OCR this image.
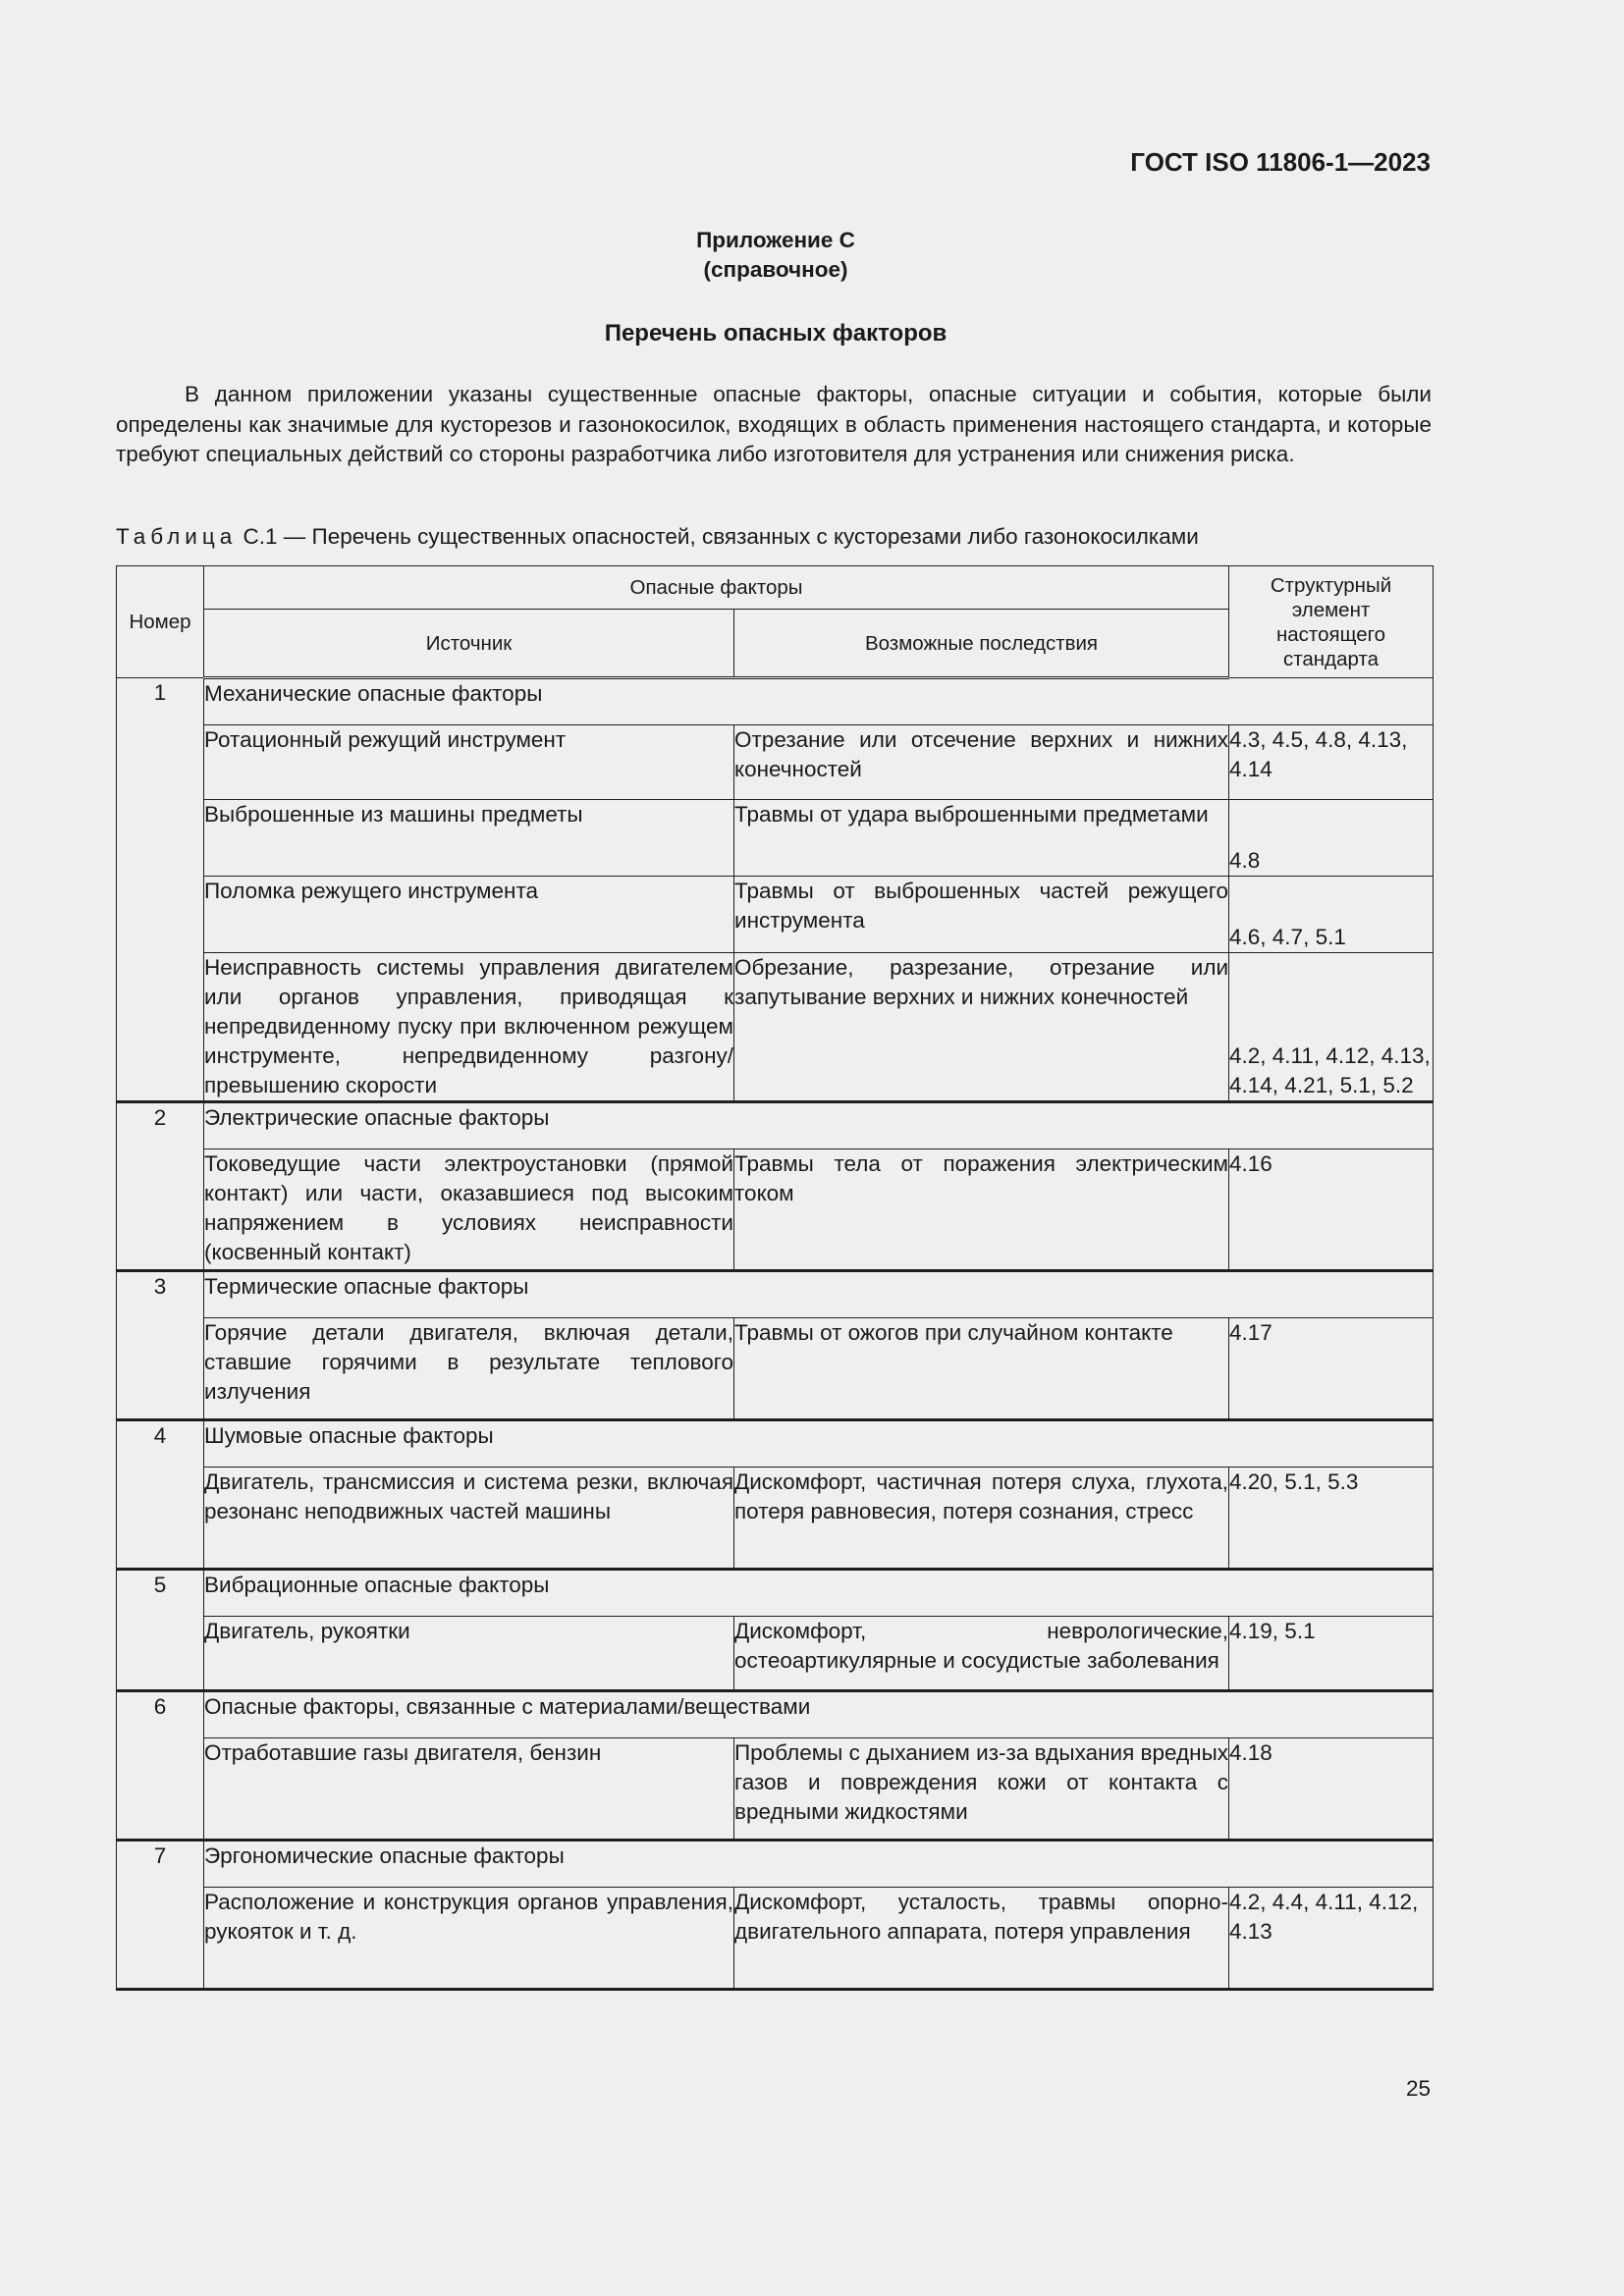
ГОСТ ISO 11806-1—2023
Приложение С
(справочное)
Перечень опасных факторов

В данном приложении указаны существенные опасные факторы, опасные ситуации и события, которые были определены как значимые для кусторезов и газонокосилок, входящих в область применения настоящего стандарта, и которые требуют специальных действий со стороны разработчика либо изготовителя для устранения или снижения риска.

Таблица С.1 — Перечень существенных опасностей, связанных с кусторезами либо газонокосилками
Номер	Опасные факторы		Структурный элемент настоящего стандарта
	Источник	Возможные последствия	
1	Механические опасные факторы		
	Ротационный режущий инструмент	Отрезание или отсечение верхних и нижних конечностей	4.3, 4.5, 4.8, 4.13, 4.14
	Выброшенные из машины предметы	Травмы от удара выброшенными предметами	4.8
	Поломка режущего инструмента	Травмы от выброшенных частей режущего инструмента	4.6, 4.7, 5.1
	Неисправность системы управления двигателем или органов управления, приводящая к непредвиденному пуску при включенном режущем инструменте, непредвиденному разгону/превышению скорости	Обрезание, разрезание, отрезание или запутывание верхних и нижних конечностей	4.2, 4.11, 4.12, 4.13, 4.14, 4.21, 5.1, 5.2
2	Электрические опасные факторы		
	Токоведущие части электроустановки (прямой контакт) или части, оказавшиеся под высоким напряжением в условиях неисправности (косвенный контакт)	Травмы тела от поражения электрическим током	4.16
3	Термические опасные факторы		
	Горячие детали двигателя, включая детали, ставшие горячими в результате теплового излучения	Травмы от ожогов при случайном контакте	4.17
4	Шумовые опасные факторы		
	Двигатель, трансмиссия и система резки, включая резонанс неподвижных частей машины	Дискомфорт, частичная потеря слуха, глухота, потеря равновесия, потеря сознания, стресс	4.20, 5.1, 5.3
5	Вибрационные опасные факторы		
	Двигатель, рукоятки	Дискомфорт, неврологические, остеоартикулярные и сосудистые заболевания	4.19, 5.1
6	Опасные факторы, связанные с материалами/веществами		
	Отработавшие газы двигателя, бензин	Проблемы с дыханием из-за вдыхания вредных газов и повреждения кожи от контакта с вредными жидкостями	4.18
7	Эргономические опасные факторы		
	Расположение и конструкция органов управления, рукояток и т. д.	Дискомфорт, усталость, травмы опорно-двигательного аппарата, потеря управления	4.2, 4.4, 4.11, 4.12, 4.13
25
